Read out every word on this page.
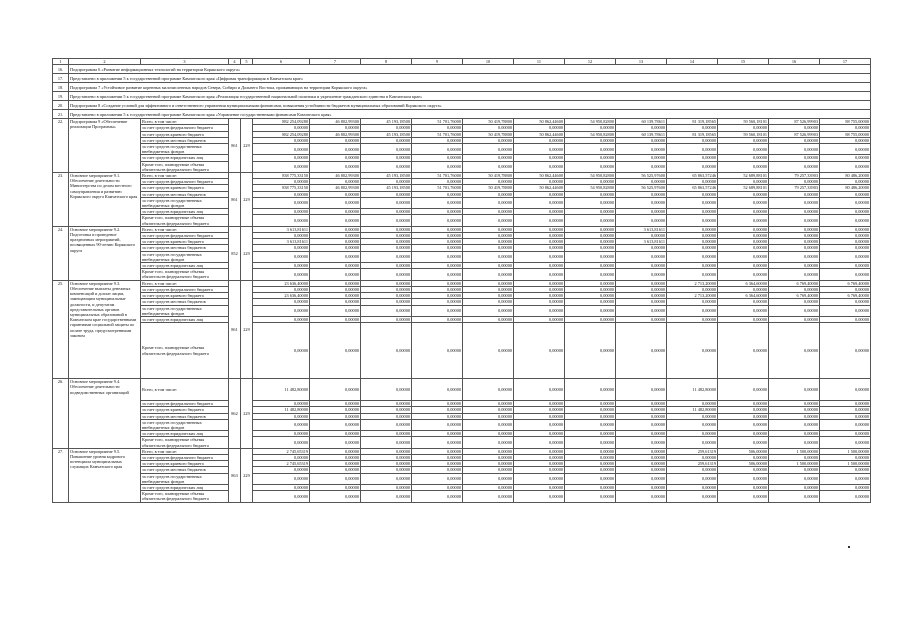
1	2	3	4	5	6	7	8	9	10	11	12	13	14	15	16	17
16.	Подпрограмма 6 «Развитие информационных технологий на территории Корякского округа»															
17.	Представлено в приложении 5 к государственной программе Камчатского края «Цифровая трансформация в Камчатском крае»															
18.	Подпрограмма 7 «Устойчивое развитие коренных малочисленных народов Севера, Сибири и Дальнего Востока, проживающих на территории Корякского округа»															
19.	Представлено в приложении 5 к государственной программе Камчатского края «Реализация государственной национальной политики и укрепление гражданского единства в Камчатском крае»															
20.	Подпрограмма 8 «Создание условий для эффективного и ответственного управления муниципальными финансами, повышения устойчивости бюджетов муниципальных образований Корякского округа»															
21.	Представлено в приложении 5 к государственной программе Камчатского края «Управление государственными финансами Камчатского края»															
22.	Подпрограмма 9 «Обеспечение реализации Программы»	Всего, в том числе:	861	229	882 254,09280	46 802,99300	45 193,18500	51 701,76000	50 419,78800	50 862,44600	54 950,82800	60 139,78611	81 319,18565	59 560,18101	87 526,99903	88 755,00000
		за счет средств федерального бюджета			0,00000	0,00000	0,00000	0,00000	0,00000	0,00000	0,00000	0,00000	0,00000	0,00000	0,00000	0,00000
		за счет средств краевого бюджета			882 254,09280	46 802,99300	45 193,18500	51 701,76000	50 419,78800	50 862,44600	54 950,82800	60 139,78611	81 319,18565	59 560,18101	87 526,99903	88 755,00000
		за счет средств местных бюджетов			0,00000	0,00000	0,00000	0,00000	0,00000	0,00000	0,00000	0,00000	0,00000	0,00000	0,00000	0,00000
		за счет средств государственных внебюджетных фондов			0,00000	0,00000	0,00000	0,00000	0,00000	0,00000	0,00000	0,00000	0,00000	0,00000	0,00000	0,00000
		за счет средств юридических лиц			0,00000	0,00000	0,00000	0,00000	0,00000	0,00000	0,00000	0,00000	0,00000	0,00000	0,00000	0,00000
		Кроме того, планируемые объемы обязательств федерального бюджета			0,00000	0,00000	0,00000	0,00000	0,00000	0,00000	0,00000	0,00000	0,00000	0,00000	0,00000	0,00000
23.	Основное мероприятие 9.1. Обеспечение деятельности Министерства по делам местного самоуправления и развитию Корякского округа Камчатского края	Всего, в том числе:	861	229	838 775,33150	46 802,99300	45 193,18500	51 701,76000	50 419,78800	50 862,44600	54 950,82800	56 525,97600	65 863,57246	52 689,88101	79 257,33903	80 486,20000
		за счет средств федерального бюджета			0,00000	0,00000	0,00000	0,00000	0,00000	0,00000	0,00000	0,00000	0,00000	0,00000	0,00000	0,00000
		за счет средств краевого бюджета			838 775,33150	46 802,99300	45 193,18500	51 701,76000	50 419,78800	50 862,44600	54 950,82800	56 525,97600	65 863,57246	52 689,88101	79 257,33903	80 486,20000
		за счет средств местных бюджетов			0,00000	0,00000	0,00000	0,00000	0,00000	0,00000	0,00000	0,00000	0,00000	0,00000	0,00000	0,00000
		за счет средств государственных внебюджетных фондов			0,00000	0,00000	0,00000	0,00000	0,00000	0,00000	0,00000	0,00000	0,00000	0,00000	0,00000	0,00000
		за счет средств юридических лиц			0,00000	0,00000	0,00000	0,00000	0,00000	0,00000	0,00000	0,00000	0,00000	0,00000	0,00000	0,00000
		Кроме того, планируемые объемы обязательств федерального бюджета			0,00000	0,00000	0,00000	0,00000	0,00000	0,00000	0,00000	0,00000	0,00000	0,00000	0,00000	0,00000
24.	Основное мероприятие 9.2. Подготовка и проведение праздничных мероприятий, посвященных 90-летию Корякского округа	Всего, в том числе:	852	229	3 613,81611	0,00000	0,00000	0,00000	0,00000	0,00000	0,00000	3 613,81611	0,00000	0,00000	0,00000	0,00000
		за счет средств федерального бюджета			0,00000	0,00000	0,00000	0,00000	0,00000	0,00000	0,00000	0,00000	0,00000	0,00000	0,00000	0,00000
		за счет средств краевого бюджета			3 613,81611	0,00000	0,00000	0,00000	0,00000	0,00000	0,00000	3 613,81611	0,00000	0,00000	0,00000	0,00000
		за счет средств местных бюджетов			0,00000	0,00000	0,00000	0,00000	0,00000	0,00000	0,00000	0,00000	0,00000	0,00000	0,00000	0,00000
		за счет средств государственных внебюджетных фондов			0,00000	0,00000	0,00000	0,00000	0,00000	0,00000	0,00000	0,00000	0,00000	0,00000	0,00000	0,00000
		за счет средств юридических лиц			0,00000	0,00000	0,00000	0,00000	0,00000	0,00000	0,00000	0,00000	0,00000	0,00000	0,00000	0,00000
		Кроме того, планируемые объемы обязательств федерального бюджета			0,00000	0,00000	0,00000	0,00000	0,00000	0,00000	0,00000	0,00000	0,00000	0,00000	0,00000	0,00000
25.	Основное мероприятие 9.3. Обеспечение выплаты денежных компенсаций и доплат лицам, замещающим муниципальные должности, и депутатам представительных органов муниципальных образований в Камчатском крае государственными гарантиями социальной защиты по оплате труда, предусмотренными законом	Всего, в том числе:	861	229	23 636,40000	0,00000	0,00000	0,00000	0,00000	0,00000	0,00000	0,00000	2 713,20000	6 364,60000	6 769,40000	6 769,40000
		за счет средств федерального бюджета			0,00000	0,00000	0,00000	0,00000	0,00000	0,00000	0,00000	0,00000	0,00000	0,00000	0,00000	0,00000
		за счет средств краевого бюджета			23 636,40000	0,00000	0,00000	0,00000	0,00000	0,00000	0,00000	0,00000	2 713,20000	6 364,60000	6 769,40000	6 769,40000
		за счет средств местных бюджетов			0,00000	0,00000	0,00000	0,00000	0,00000	0,00000	0,00000	0,00000	0,00000	0,00000	0,00000	0,00000
		за счет средств государственных внебюджетных фондов			0,00000	0,00000	0,00000	0,00000	0,00000	0,00000	0,00000	0,00000	0,00000	0,00000	0,00000	0,00000
		за счет средств юридических лиц			0,00000	0,00000	0,00000	0,00000	0,00000	0,00000	0,00000	0,00000	0,00000	0,00000	0,00000	0,00000
		Кроме того, планируемые объемы обязательств федерального бюджета			0,00000	0,00000	0,00000	0,00000	0,00000	0,00000	0,00000	0,00000	0,00000	0,00000	0,00000	0,00000
26.	Основное мероприятие 9.4. Обеспечение деятельности подведомственных организаций	Всего, в том числе:	862	229	11 482,80000	0,00000	0,00000	0,00000	0,00000	0,00000	0,00000	0,00000	11 482,80000	0,00000	0,00000	0,00000
		за счет средств федерального бюджета			0,00000	0,00000	0,00000	0,00000	0,00000	0,00000	0,00000	0,00000	0,00000	0,00000	0,00000	0,00000
		за счет средств краевого бюджета			11 482,80000	0,00000	0,00000	0,00000	0,00000	0,00000	0,00000	0,00000	11 482,80000	0,00000	0,00000	0,00000
		за счет средств местных бюджетов			0,00000	0,00000	0,00000	0,00000	0,00000	0,00000	0,00000	0,00000	0,00000	0,00000	0,00000	0,00000
		за счет средств государственных внебюджетных фондов			0,00000	0,00000	0,00000	0,00000	0,00000	0,00000	0,00000	0,00000	0,00000	0,00000	0,00000	0,00000
		за счет средств юридических лиц			0,00000	0,00000	0,00000	0,00000	0,00000	0,00000	0,00000	0,00000	0,00000	0,00000	0,00000	0,00000
		Кроме того, планируемые объемы обязательств федерального бюджета			0,00000	0,00000	0,00000	0,00000	0,00000	0,00000	0,00000	0,00000	0,00000	0,00000	0,00000	0,00000
27.	Основное мероприятие 9.5. Повышение уровня кадрового потенциала муниципальных служащих Камчатского края	Всего, в том числе:	863	229	2 745,65319	0,00000	0,00000	0,00000	0,00000	0,00000	0,00000	0,00000	259,61319	506,00000	1 500,00000	1 500,00000
		за счет средств федерального бюджета			0,00000	0,00000	0,00000	0,00000	0,00000	0,00000	0,00000	0,00000	0,00000	0,00000	0,00000	0,00000
		за счет средств краевого бюджета			2 745,65319	0,00000	0,00000	0,00000	0,00000	0,00000	0,00000	0,00000	259,61319	506,00000	1 500,00000	1 500,00000
		за счет средств местных бюджетов			0,00000	0,00000	0,00000	0,00000	0,00000	0,00000	0,00000	0,00000	0,00000	0,00000	0,00000	0,00000
		за счет средств государственных внебюджетных фондов			0,00000	0,00000	0,00000	0,00000	0,00000	0,00000	0,00000	0,00000	0,00000	0,00000	0,00000	0,00000
		за счет средств юридических лиц			0,00000	0,00000	0,00000	0,00000	0,00000	0,00000	0,00000	0,00000	0,00000	0,00000	0,00000	0,00000
		Кроме того, планируемые объемы обязательств федерального бюджета			0,00000	0,00000	0,00000	0,00000	0,00000	0,00000	0,00000	0,00000	0,00000	0,00000	0,00000	0,00000
